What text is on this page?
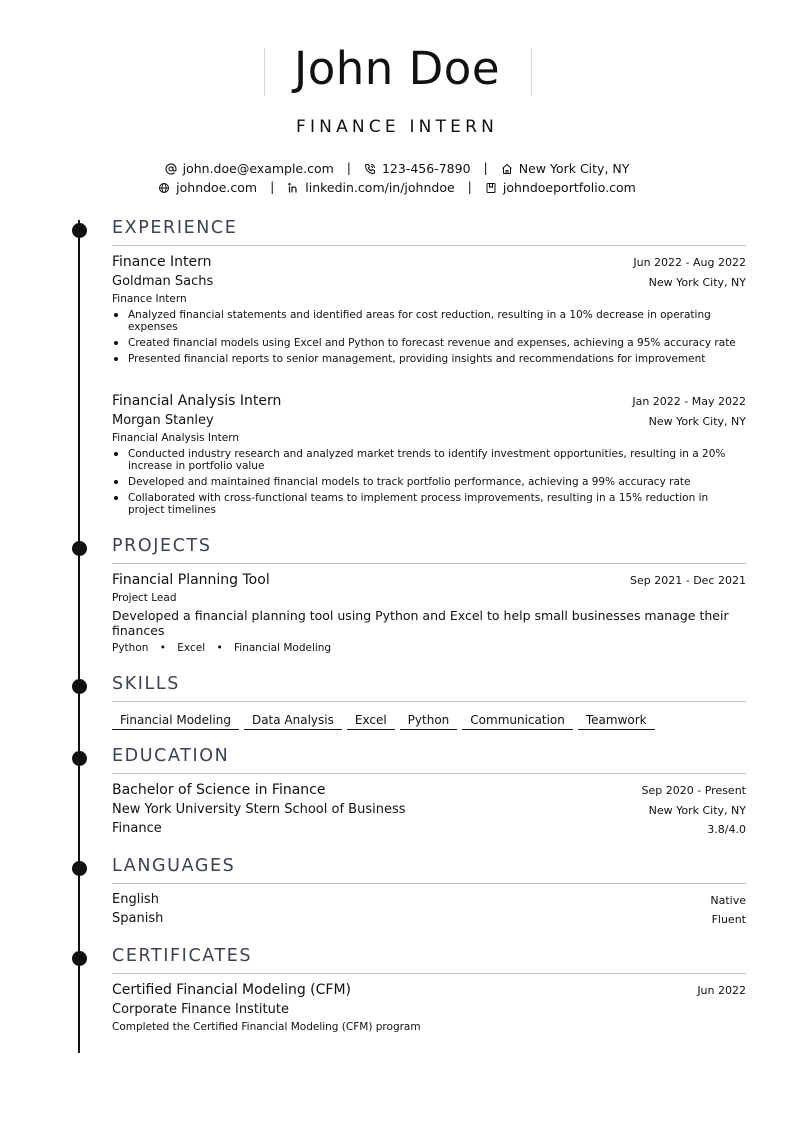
John Doe
FINANCE INTERN
john.doe@example.com | 123-456-7890 | New York City, NY
johndoe.com | linkedin.com/in/johndoe | johndoeportfolio.com
EXPERIENCE
Finance Intern	Jun 2022 - Aug 2022
Goldman Sachs	New York City, NY
Finance Intern
Analyzed financial statements and identified areas for cost reduction, resulting in a 10% decrease in operating expenses
Created financial models using Excel and Python to forecast revenue and expenses, achieving a 95% accuracy rate
Presented financial reports to senior management, providing insights and recommendations for improvement
Financial Analysis Intern	Jan 2022 - May 2022
Morgan Stanley	New York City, NY
Financial Analysis Intern
Conducted industry research and analyzed market trends to identify investment opportunities, resulting in a 20% increase in portfolio value
Developed and maintained financial models to track portfolio performance, achieving a 99% accuracy rate
Collaborated with cross-functional teams to implement process improvements, resulting in a 15% reduction in project timelines
PROJECTS
Financial Planning Tool	Sep 2021 - Dec 2021
Project Lead
Developed a financial planning tool using Python and Excel to help small businesses manage their finances
Python • Excel • Financial Modeling
SKILLS
Financial Modeling Data Analysis Excel Python Communication Teamwork
EDUCATION
Bachelor of Science in Finance	Sep 2020 - Present
New York University Stern School of Business	New York City, NY
Finance	3.8/4.0
LANGUAGES
English	Native
Spanish	Fluent
CERTIFICATES
Certified Financial Modeling (CFM)	Jun 2022
Corporate Finance Institute
Completed the Certified Financial Modeling (CFM) program
